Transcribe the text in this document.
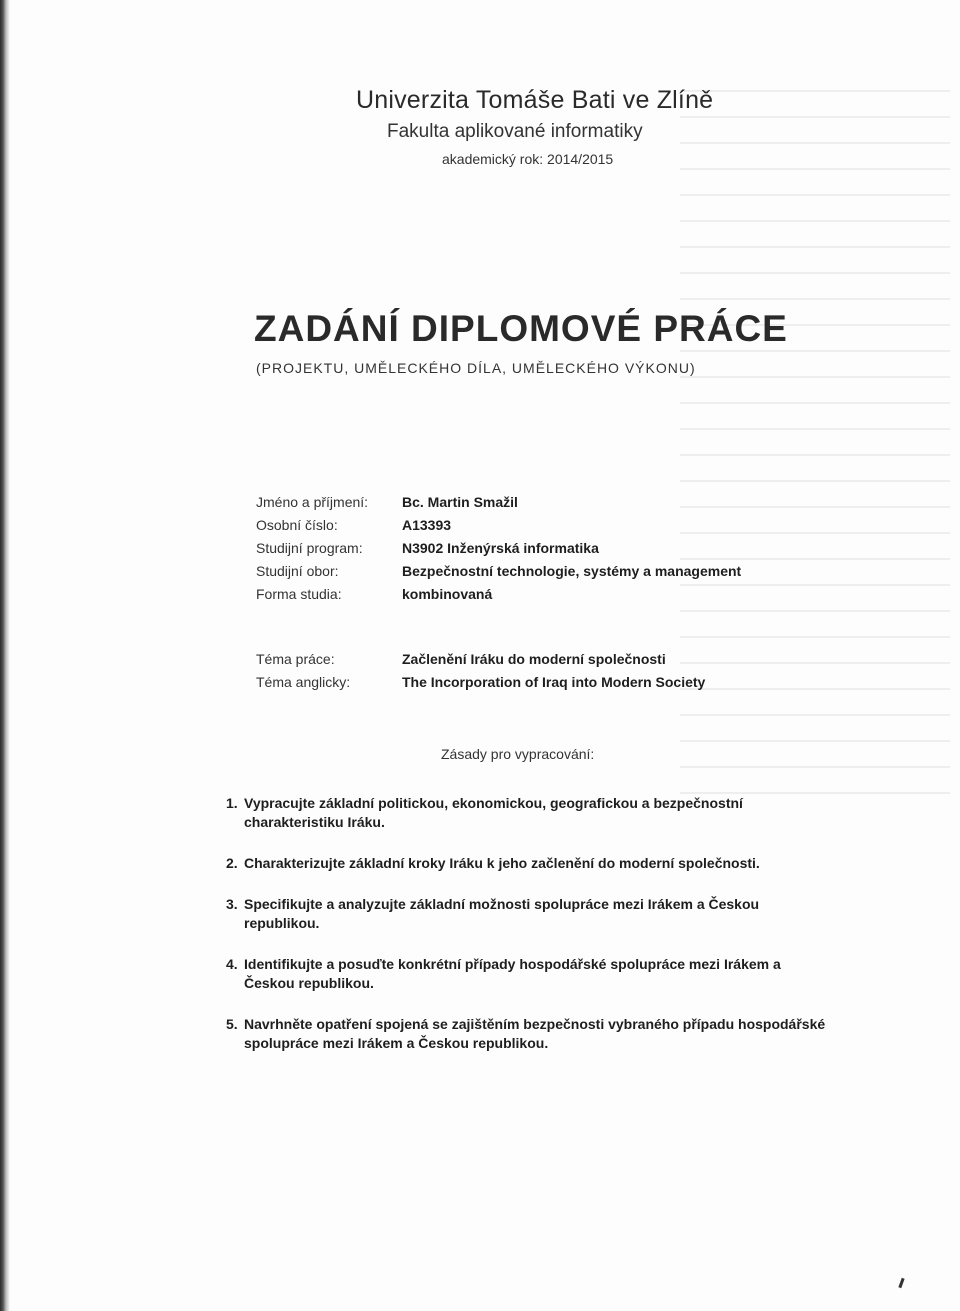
Univerzita Tomáše Bati ve Zlíně
Fakulta aplikované informatiky
akademický rok: 2014/2015
ZADÁNÍ DIPLOMOVÉ PRÁCE
(PROJEKTU, UMĚLECKÉHO DÍLA, UMĚLECKÉHO VÝKONU)
Jméno a příjmení:	Bc. Martin Smažil
Osobní číslo:	A13393
Studijní program:	N3902 Inženýrská informatika
Studijní obor:	Bezpečnostní technologie, systémy a management
Forma studia:	kombinovaná
Téma práce:	Začlenění Iráku do moderní společnosti
Téma anglicky:	The Incorporation of Iraq into Modern Society
Zásady pro vypracování:
1. Vypracujte základní politickou, ekonomickou, geografickou a bezpečnostní charakteristiku Iráku.
2. Charakterizujte základní kroky Iráku k jeho začlenění do moderní společnosti.
3. Specifikujte a analyzujte základní možnosti spolupráce mezi Irákem a Českou republikou.
4. Identifikujte a posuďte konkrétní případy hospodářské spolupráce mezi Irákem a Českou republikou.
5. Navrhněte opatření spojená se zajištěním bezpečnosti vybraného případu hospodářské spolupráce mezi Irákem a Českou republikou.
